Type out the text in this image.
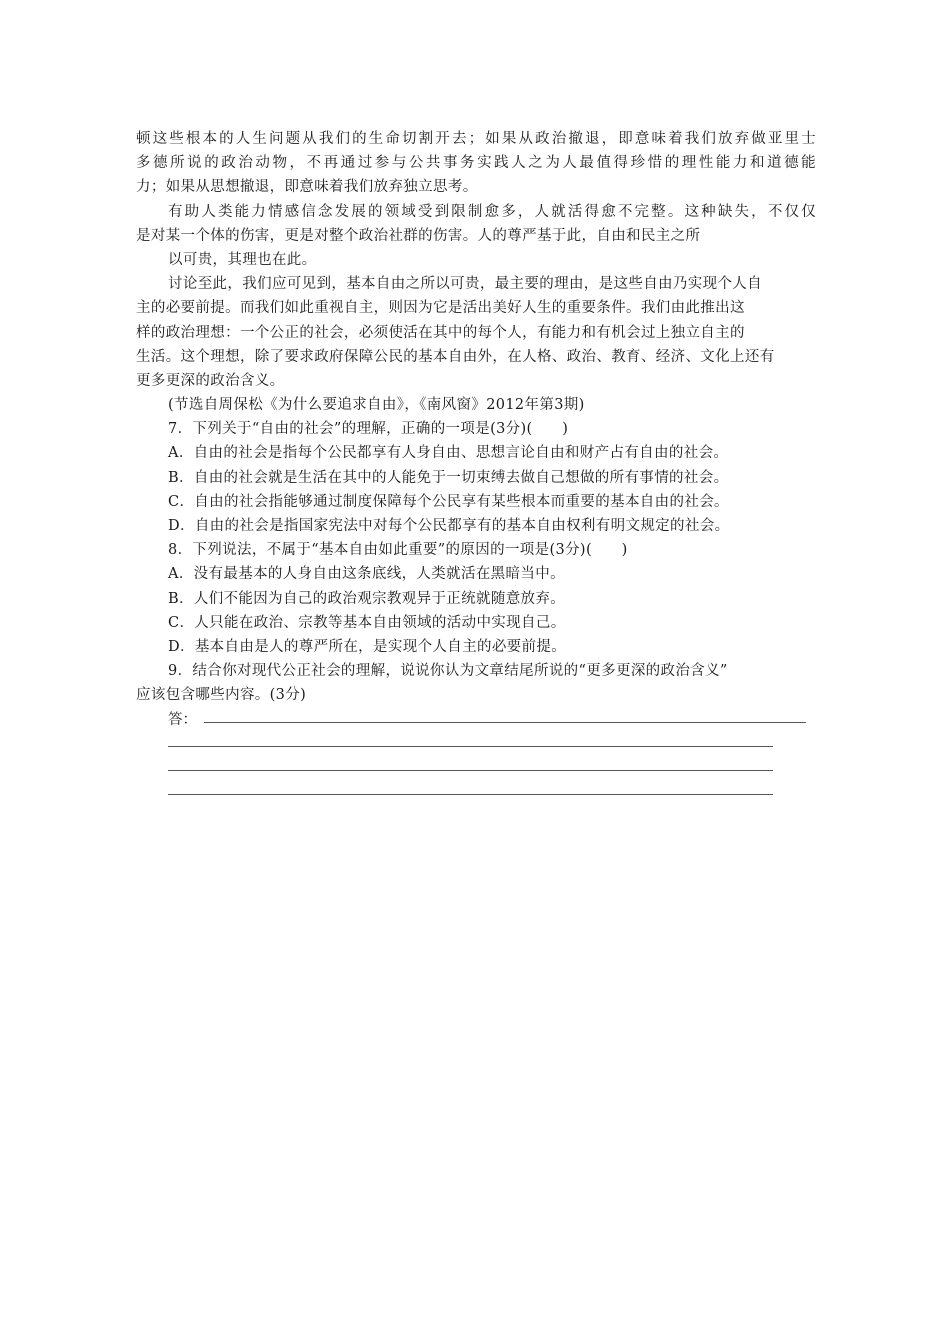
顿这些根本的人生问题从我们的生命切割开去；如果从政治撤退，即意味着我们放弃做亚里士
多德所说的政治动物，不再通过参与公共事务实践人之为人最值得珍惜的理性能力和道德能
力；如果从思想撤退，即意味着我们放弃独立思考。
有助人类能力情感信念发展的领域受到限制愈多，人就活得愈不完整。这种缺失，不仅仅
是对某一个体的伤害，更是对整个政治社群的伤害。人的尊严基于此，自由和民主之所
以可贵，其理也在此。
讨论至此，我们应可见到，基本自由之所以可贵，最主要的理由，是这些自由乃实现个人自
主的必要前提。而我们如此重视自主，则因为它是活出美好人生的重要条件。我们由此推出这
样的政治理想：一个公正的社会，必须使活在其中的每个人，有能力和有机会过上独立自主的
生活。这个理想，除了要求政府保障公民的基本自由外，在人格、政治、教育、经济、文化上还有
更多更深的政治含义。
(节选自周保松《为什么要追求自由》，《南风窗》2012年第3期)
7．下列关于“自由的社会”的理解，正确的一项是(3分)(　　)
A．自由的社会是指每个公民都享有人身自由、思想言论自由和财产占有自由的社会。
B．自由的社会就是生活在其中的人能免于一切束缚去做自己想做的所有事情的社会。
C．自由的社会指能够通过制度保障每个公民享有某些根本而重要的基本自由的社会。
D．自由的社会是指国家宪法中对每个公民都享有的基本自由权利有明文规定的社会。
8．下列说法，不属于“基本自由如此重要”的原因的一项是(3分)(　　)
A．没有最基本的人身自由这条底线，人类就活在黑暗当中。
B．人们不能因为自己的政治观宗教观异于正统就随意放弃。
C．人只能在政治、宗教等基本自由领域的活动中实现自己。
D．基本自由是人的尊严所在，是实现个人自主的必要前提。
9．结合你对现代公正社会的理解，说说你认为文章结尾所说的“更多更深的政治含义”
应该包含哪些内容。(3分)
答：
